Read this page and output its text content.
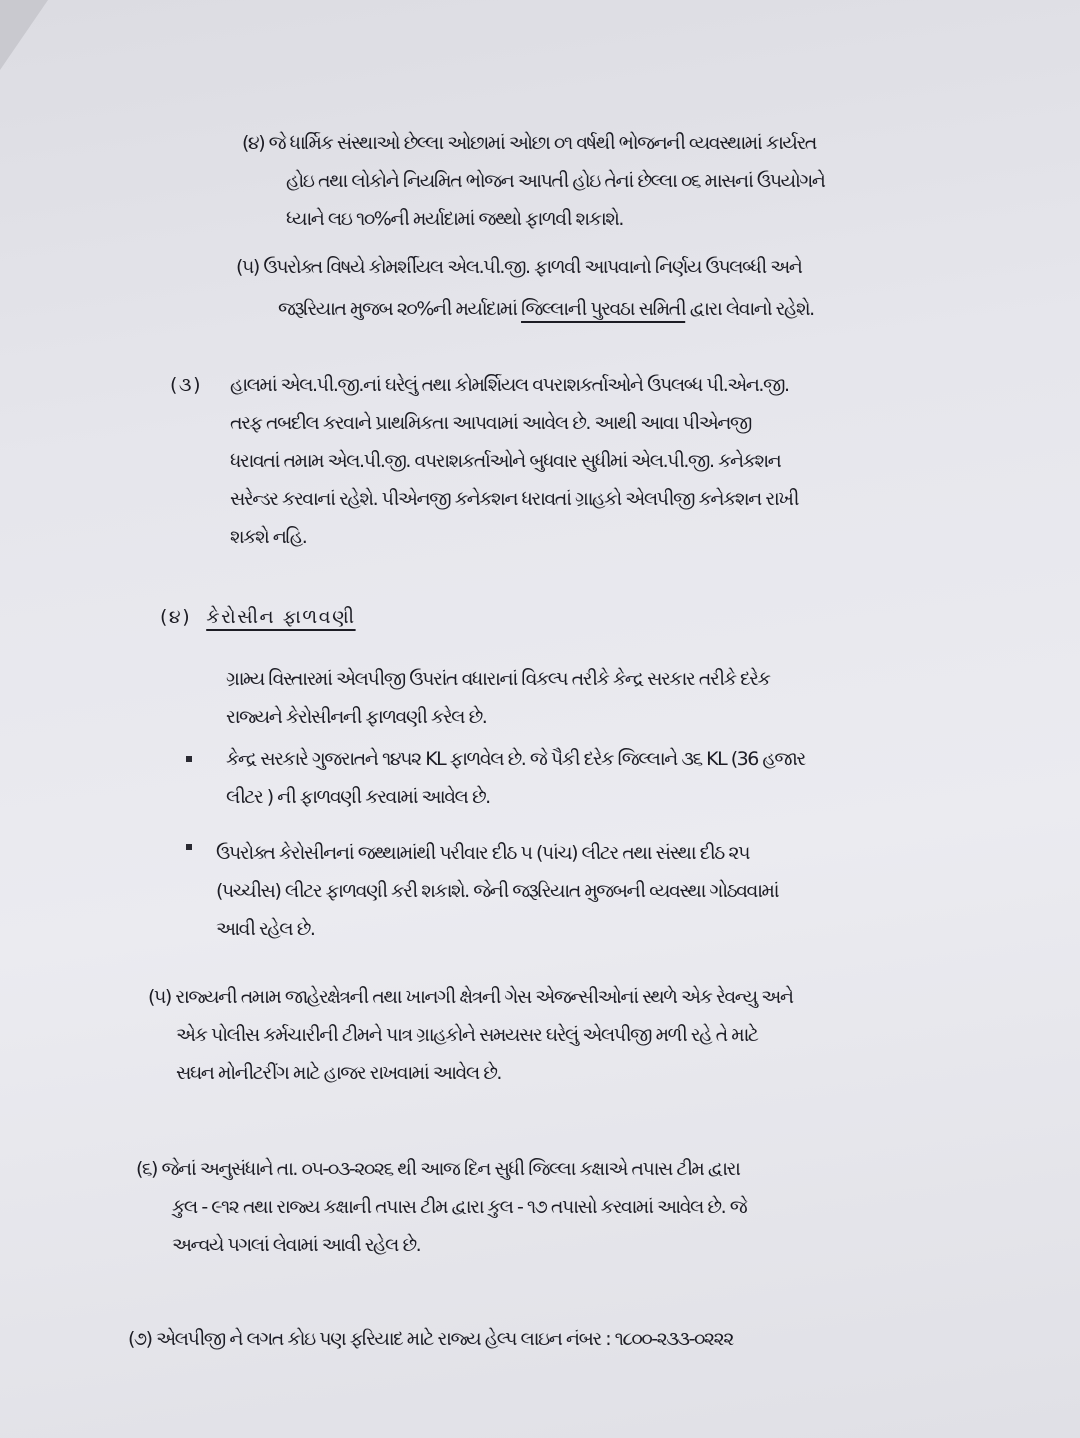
(૪) જે ધાર્મિક સંસ્થાઓ છેલ્લા ઓછામાં ઓછા ૦૧ વર્ષથી ભોજનની વ્યવસ્થામાં કાર્યરત
હોઇ તથા લોકોને નિયમિત ભોજન આપતી હોઇ તેનાં છેલ્લા ૦૬ માસનાં ઉપયોગને
ધ્યાને લઇ ૧૦%ની મર્યાદામાં જથ્થો ફાળવી શકાશે.
(૫) ઉપરોક્ત વિષયે કોમર્શીયલ એલ.પી.જી. ફાળવી આપવાનો નિર્ણય ઉપલબ્ધી અને
જરૂરિયાત મુજબ ૨૦%ની મર્યાદામાં જિલ્લાની પુરવઠા સમિતી દ્વારા લેવાનો રહેશે.
(૩) હાલમાં એલ.પી.જી.નાં ઘરેલું તથા કોમર્શિયલ વપરાશકર્તાઓને ઉપલબ્ધ પી.એન.જી.
તરફ તબદીલ કરવાને પ્રાથમિકતા આપવામાં આવેલ છે. આથી આવા પીએનજી
ધરાવતાં તમામ એલ.પી.જી. વપરાશકર્તાઓને બુધવાર સુધીમાં એલ.પી.જી. કનેકશન
સરેન્ડર કરવાનાં રહેશે. પીએનજી કનેકશન ધરાવતાં ગ્રાહકો એલપીજી કનેકશન રાખી
શકશે નહિ.
(૪) કેરોસીન ફાળવણી
ગ્રામ્ય વિસ્તારમાં એલપીજી ઉપરાંત વધારાનાં વિકલ્પ તરીકે કેન્દ્ર સરકાર તરીકે દરેક
રાજ્યને કેરોસીનની ફાળવણી કરેલ છે.
કેન્દ્ર સરકારે ગુજરાતને ૧૪૫૨ KL ફાળવેલ છે. જે પૈકી દરેક જિલ્લાને ૩૬ KL (36 હજાર
લીટર ) ની ફાળવણી કરવામાં આવેલ છે.
ઉપરોક્ત કેરોસીનનાં જથ્થામાંથી પરીવાર દીઠ ૫ (પાંચ) લીટર તથા સંસ્થા દીઠ ૨૫
(પચ્ચીસ) લીટર ફાળવણી કરી શકાશે. જેની જરૂરિયાત મુજબની વ્યવસ્થા ગોઠવવામાં
આવી રહેલ છે.
(૫) રાજ્યની તમામ જાહેરક્ષેત્રની તથા ખાનગી ક્ષેત્રની ગેસ એજન્સીઓનાં સ્થળે એક રેવન્યુ અને
એક પોલીસ કર્મચારીની ટીમને પાત્ર ગ્રાહકોને સમયસર ઘરેલું એલપીજી મળી રહે તે માટે
સઘન મોનીટરીંગ માટે હાજર રાખવામાં આવેલ છે.
(૬) જેનાં અનુસંધાને તા. ૦૫-૦૩-૨૦૨૬ થી આજ દિન સુધી જિલ્લા કક્ષાએ તપાસ ટીમ દ્વારા
કુલ - ૯૧૨ તથા રાજ્ય કક્ષાની તપાસ ટીમ દ્વારા કુલ - ૧૭ તપાસો કરવામાં આવેલ છે. જે
અન્વયે પગલાં લેવામાં આવી રહેલ છે.
(૭) એલપીજી ને લગત કોઇ પણ ફરિયાદ માટે રાજ્ય હેલ્પ લાઇન નંબર : ૧૮૦૦-૨૩૩-૦૨૨૨
